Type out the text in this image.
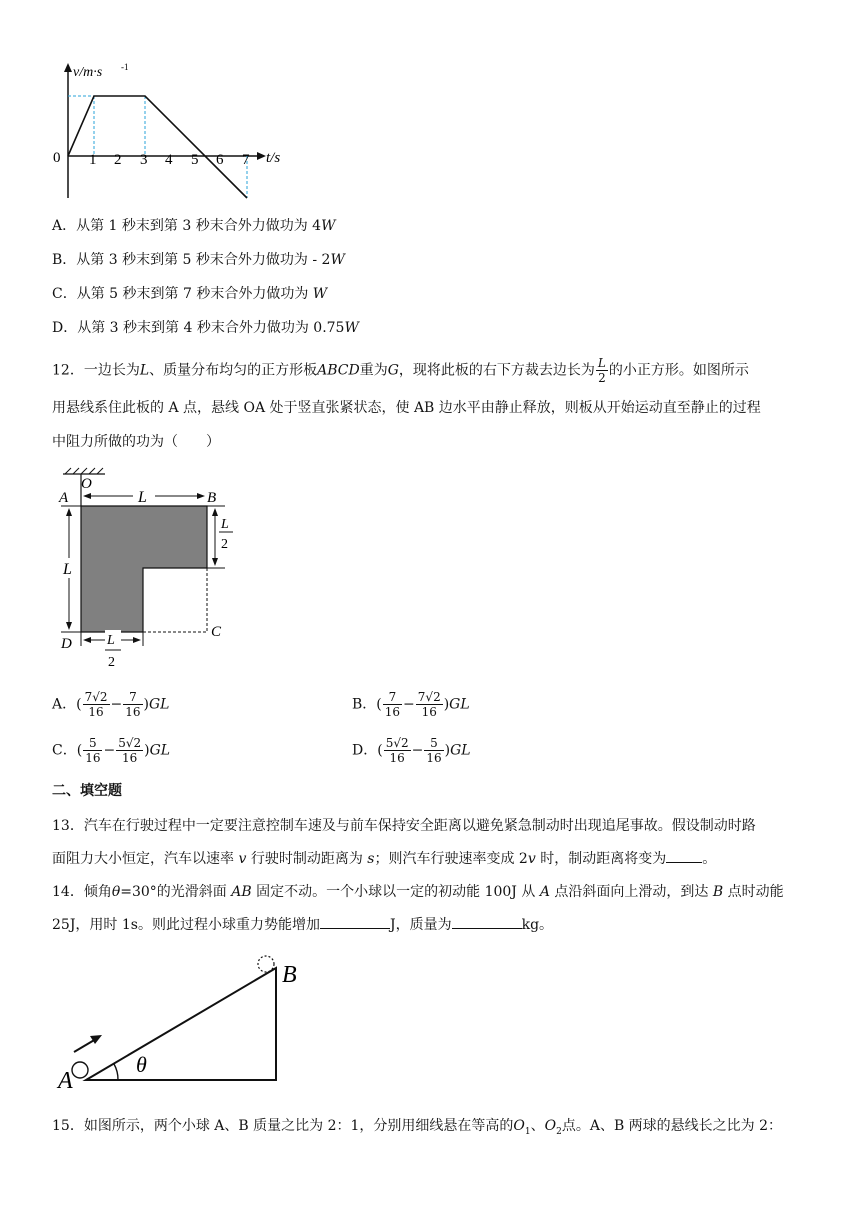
v/m·s -1
0 1 2 3 4 5 6 7 t/s
A．从第 1 秒末到第 3 秒末合外力做功为 4W
B．从第 3 秒末到第 5 秒末合外力做功为 - 2W
C．从第 5 秒末到第 7 秒末合外力做功为 W
D．从第 3 秒末到第 4 秒末合外力做功为 0.75W
12．一边长为L、质量分布均匀的正方形板ABCD重为G，现将此板的右下方裁去边长为 $\frac{L}{2}$ 的小正方形。如图所示
用悬线系住此板的 A 点，悬线 OA 处于竖直张紧状态，使 AB 边水平由静止释放，则板从开始运动直至静止的过程
中阻力所做的功为（　　）
L
L
L
2
L
2
A
O
B
C
D
A．( $\frac{7√2}{16} - \frac{7}{16} )GL$	B．( $\frac{7}{16} - \frac{7√2}{16} )GL$
C．( $\frac{5}{16} - \frac{5√2}{16} )GL$	D．( $\frac{5√2}{16} - \frac{5}{16} )GL$
二、填空题
13．汽车在行驶过程中一定要注意控制车速及与前车保持安全距离以避免紧急制动时出现追尾事故。假设制动时路
面阻力大小恒定，汽车以速率 v 行驶时制动距离为 s；则汽车行驶速率变成 2v 时，制动距离将变为	。
14．倾角θ=30°的光滑斜面 AB 固定不动。一个小球以一定的初动能 100J 从 A 点沿斜面向上滑动，到达 B 点时动能
25J，用时 1s。则此过程小球重力势能增加	J，质量为	kg。
θ
A
B
15．如图所示，两个小球 A、B 质量之比为 2：1，分别用细线悬在等高的$O_1$、$O_2$点。A、B 两球的悬线长之比为 2：
